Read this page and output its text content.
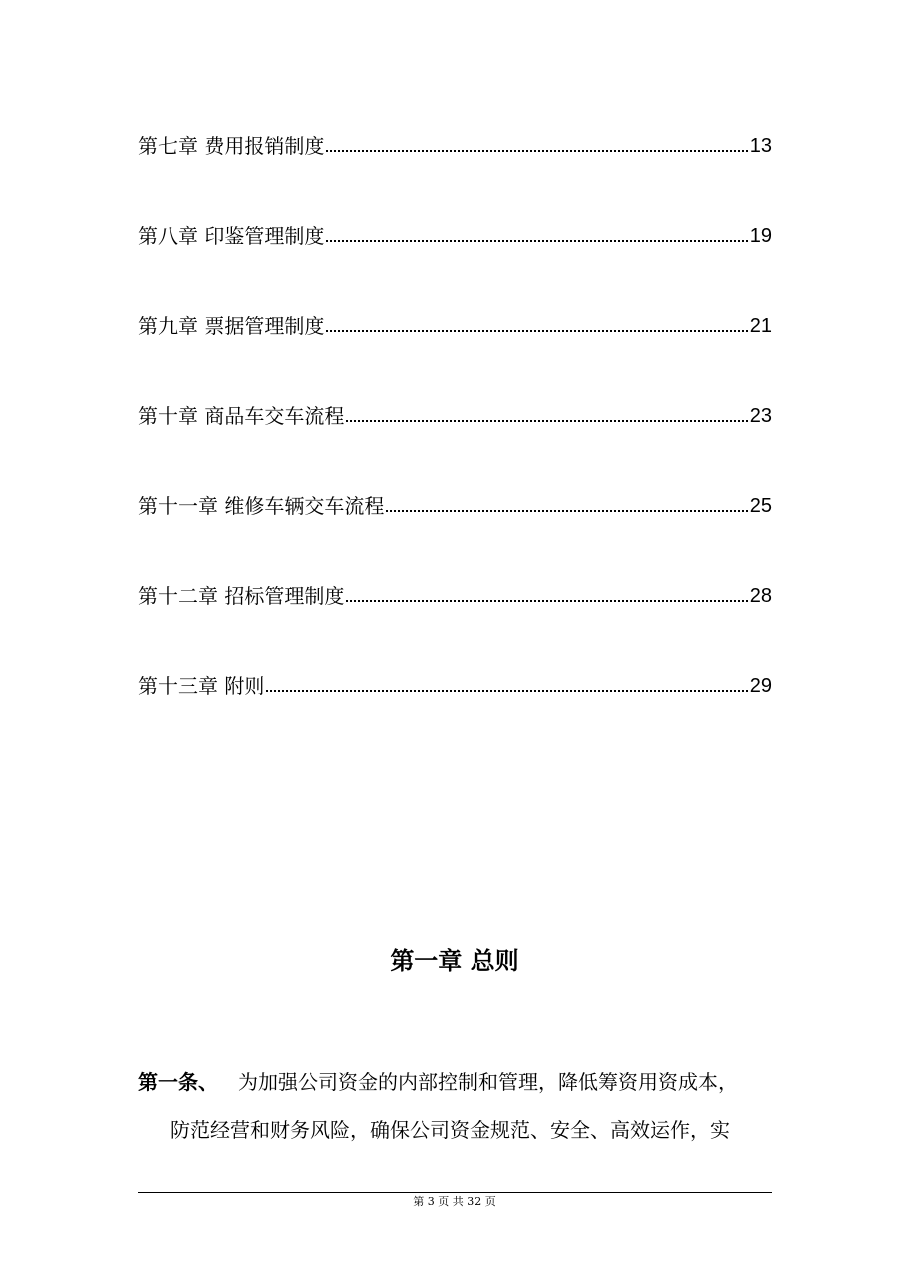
第七章 费用报销制度	13
第八章 印鉴管理制度	19
第九章 票据管理制度	21
第十章 商品车交车流程	23
第十一章 维修车辆交车流程	25
第十二章 招标管理制度	28
第十三章 附则	29
第一章 总则
第一条、 为加强公司资金的内部控制和管理，降低筹资用资成本，
防范经营和财务风险，确保公司资金规范、安全、高效运作，实
第 3 页 共 32 页
